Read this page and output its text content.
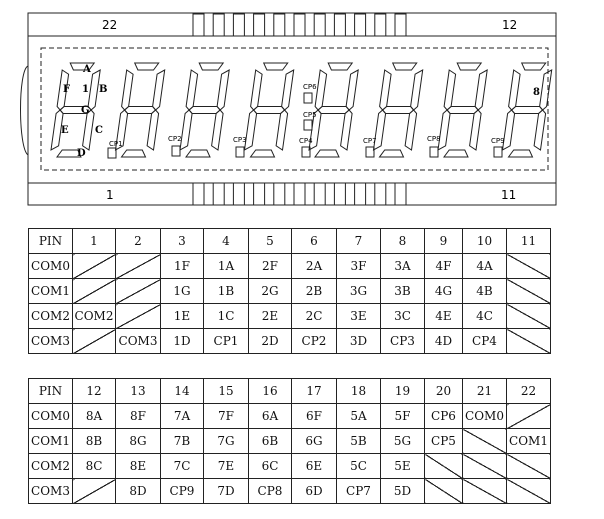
22	12
1	11
A
F 1 B
G
E	C
D
8
CP1
CP2	CP3	CP4
CP5
CP6
CP7	CP8	CP9
PIN	1	2	3	4	5	6	7	8	9	10	11
COM0			1F	1A	2F	2A	3F	3A	4F	4A	
COM1			1G	1B	2G	2B	3G	3B	4G	4B	
COM2	COM2		1E	1C	2E	2C	3E	3C	4E	4C	
COM3		COM3	1D	CP1	2D	CP2	3D	CP3	4D	CP4	
PIN	12	13	14	15	16	17	18	19	20	21	22
COM0	8A	8F	7A	7F	6A	6F	5A	5F	CP6	COM0	
COM1	8B	8G	7B	7G	6B	6G	5B	5G	CP5		COM1
COM2	8C	8E	7C	7E	6C	6E	5C	5E			
COM3		8D	CP9	7D	CP8	6D	CP7	5D			
